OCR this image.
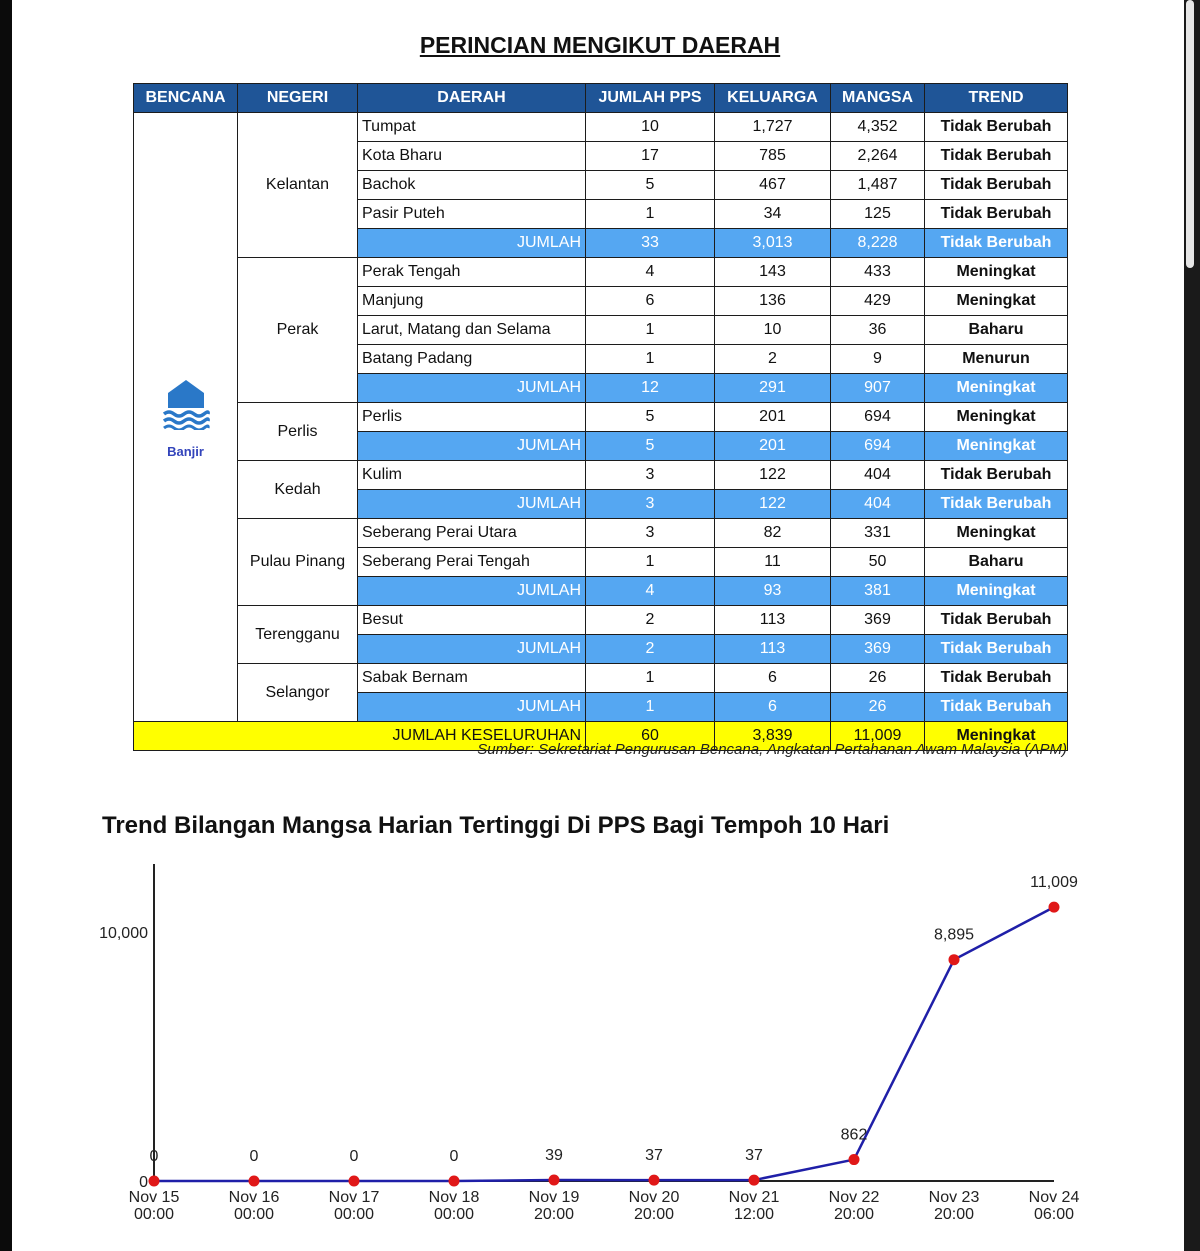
PERINCIAN MENGIKUT DAERAH
BENCANA	NEGERI	DAERAH	JUMLAH PPS	KELUARGA	MANGSA	TREND

Banjir	Kelantan	Tumpat	10	1,727	4,352	Tidak Berubah
		Kota Bharu	17	785	2,264	Tidak Berubah
		Bachok	5	467	1,487	Tidak Berubah
		Pasir Puteh	1	34	125	Tidak Berubah
		JUMLAH	33	3,013	8,228	Tidak Berubah
	Perak	Perak Tengah	4	143	433	Meningkat
		Manjung	6	136	429	Meningkat
		Larut, Matang dan Selama	1	10	36	Baharu
		Batang Padang	1	2	9	Menurun
		JUMLAH	12	291	907	Meningkat
	Perlis	Perlis	5	201	694	Meningkat
		JUMLAH	5	201	694	Meningkat
	Kedah	Kulim	3	122	404	Tidak Berubah
		JUMLAH	3	122	404	Tidak Berubah
	Pulau Pinang	Seberang Perai Utara	3	82	331	Meningkat
		Seberang Perai Tengah	1	11	50	Baharu
		JUMLAH	4	93	381	Meningkat
	Terengganu	Besut	2	113	369	Tidak Berubah
		JUMLAH	2	113	369	Tidak Berubah
	Selangor	Sabak Bernam	1	6	26	Tidak Berubah
		JUMLAH	1	6	26	Tidak Berubah
JUMLAH KESELURUHAN			60	3,839	11,009	Meningkat
Sumber: Sekretariat Pengurusan Bencana, Angkatan Pertahanan Awam Malaysia (APM)
Trend Bilangan Mangsa Harian Tertinggi Di PPS Bagi Tempoh 10 Hari
0
10,000
0
Nov 15
00:00
0
Nov 16
00:00
0
Nov 17
00:00
0
Nov 18
00:00
39
Nov 19
20:00
37
Nov 20
20:00
37
Nov 21
12:00
862
Nov 22
20:00
8,895
Nov 23
20:00
11,009
Nov 24
06:00
